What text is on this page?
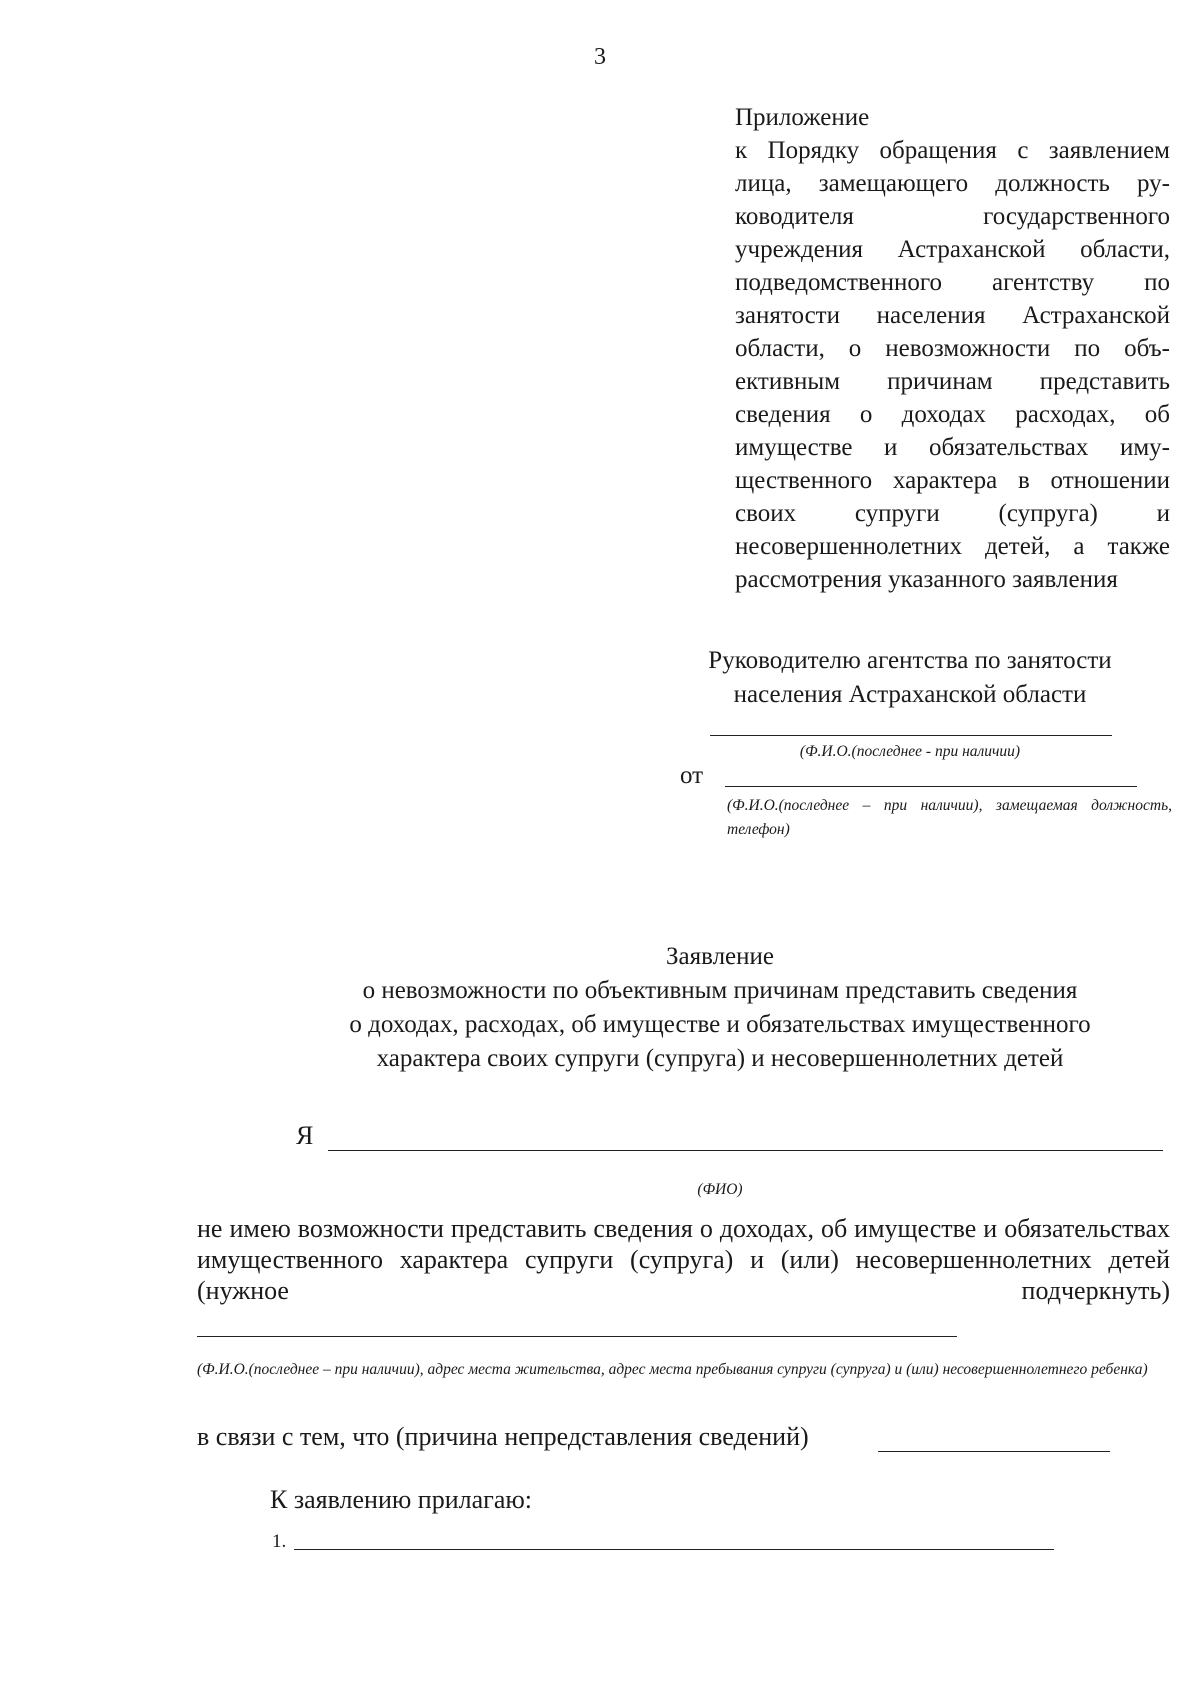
3
Приложение
к Порядку обращения с заявлением лица, замещающего должность руководителя государственного учреждения Астраханской области, подведомственного агентству по занятости населения Астраханской области, о невозможности по объективным причинам представить сведения о доходах расходах, об имуществе и обязательствах имущественного характера в отношении своих супруги (супруга) и несовершеннолетних детей, а также рассмотрения указанного заявления
Руководителю агентства по занятости
населения Астраханской области
(Ф.И.О.(последнее - при наличии)
от
(Ф.И.О.(последнее – при наличии), замещаемая должность, телефон)
Заявление
о невозможности по объективным причинам представить сведения
о доходах, расходах, об имуществе и обязательствах имущественного
характера своих супруги (супруга) и несовершеннолетних детей
Я
(ФИО)
не имею возможности представить сведения о доходах, об имуществе и обязательствах имущественного характера супруги (супруга) и (или) несовершеннолетних детей (нужное подчеркнуть)
(Ф.И.О.(последнее – при наличии), адрес места жительства, адрес места пребывания супруги (супруга) и (или) несовершеннолетнего ребенка)
в связи с тем, что (причина непредставления сведений)
К заявлению прилагаю:
1.
